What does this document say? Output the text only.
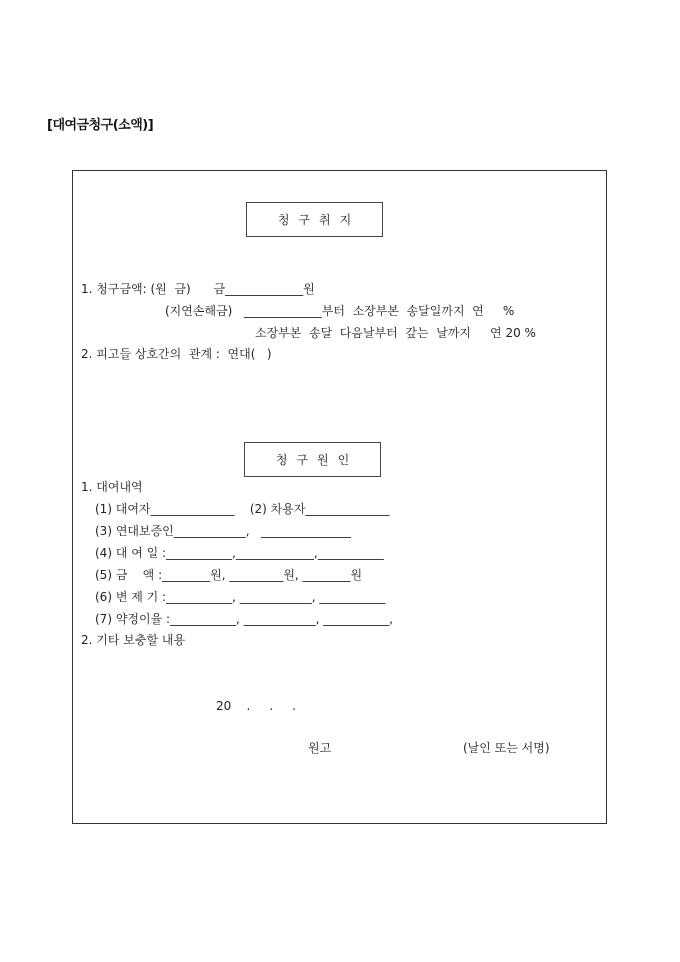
[대여금청구(소액)]
청구취지
1. 청구금액: (원  금)      금_____________원
(지연손해금)   _____________부터  소장부본  송달일까지  연     %
소장부본  송달  다음날부터  갚는  날까지     연 20 %
2. 피고들 상호간의  관계 :  연대(   )
청구원인
1. 대여내역
(1) 대여자______________    (2) 차용자______________
(3) 연대보증인____________,   _______________
(4) 대 여 일 :___________,_____________,___________
(5) 금    액 :________원, _________원, ________원
(6) 변 제 기 :___________, ____________, ___________
(7) 약정이율 :___________, ____________, ___________,
2. 기타 보충할 내용
20    .     .     .
원고	(날인 또는 서명)
